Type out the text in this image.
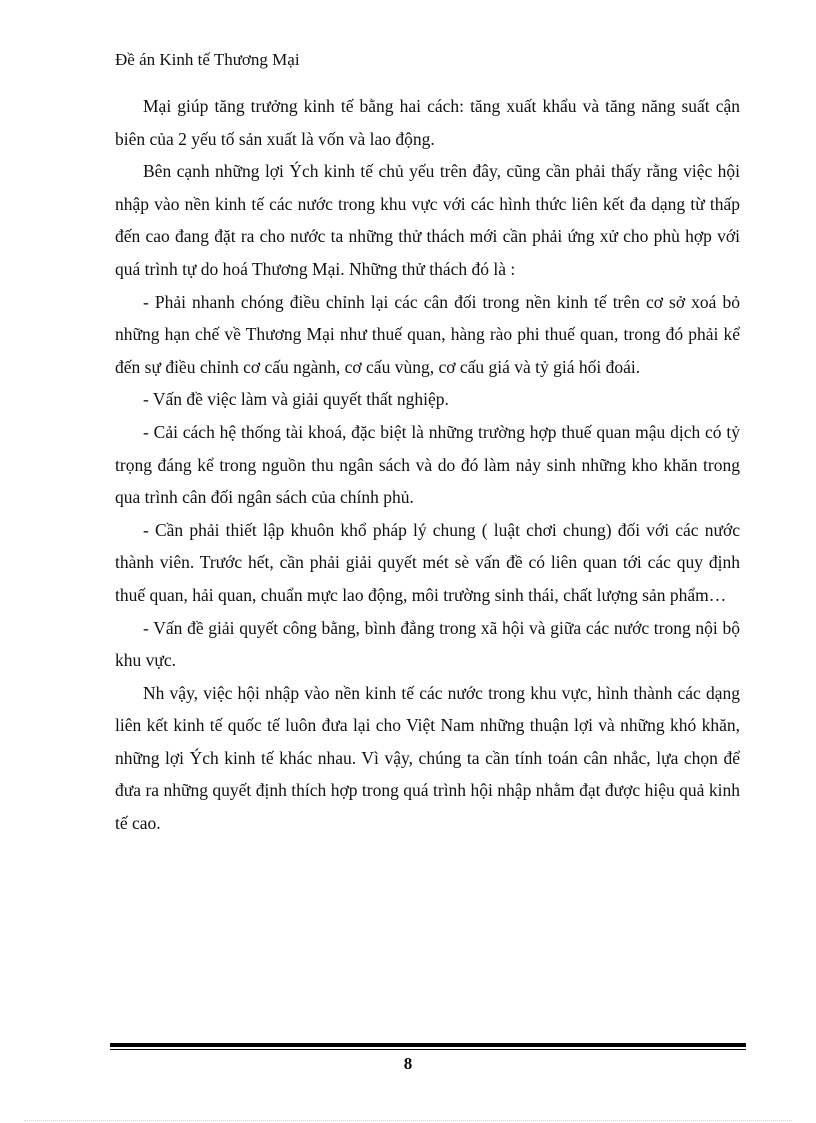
Đề án Kinh tế Thương Mại

Mại giúp tăng trưởng kinh tế bằng hai cách: tăng xuất khẩu và tăng năng suất cận biên của 2 yếu tố sản xuất là vốn và lao động.

Bên cạnh những lợi Ých kinh tế chủ yếu trên đây, cũng cần phải thấy rằng việc hội nhập vào nền kinh tế các nước trong khu vực với các hình thức liên kết đa dạng từ thấp đến cao đang đặt ra cho nước ta những thử thách mới cần phải ứng xử cho phù hợp với quá trình tự do hoá Thương Mại. Những thử thách đó là :

- Phải nhanh chóng điều chỉnh lại các cân đối trong nền kinh tế trên cơ sở xoá bỏ những hạn chế về Thương Mại như thuế quan, hàng rào phi thuế quan, trong đó phải kể đến sự điều chỉnh cơ cấu ngành, cơ cấu vùng, cơ cấu giá và tỷ giá hối đoái.

- Vấn đề việc làm và giải quyết thất nghiệp.

- Cải cách hệ thống tài khoá, đặc biệt là những trường hợp thuế quan mậu dịch có tỷ trọng đáng kể trong nguồn thu ngân sách và do đó làm nảy sinh những kho khăn trong qua trình cân đối ngân sách của chính phủ.

- Cần phải thiết lập khuôn khổ pháp lý chung ( luật chơi chung) đối với các nước thành viên. Trước hết, cần phải giải quyết mét sè vấn đề có liên quan tới các quy định thuế quan, hải quan, chuẩn mực lao động, môi trường sinh thái, chất lượng sản phẩm…

- Vấn đề giải quyết công bằng, bình đẳng trong xã hội và giữa các nước trong nội bộ khu vực.

Nh vậy, việc hội nhập vào nền kinh tế các nước trong khu vực, hình thành các dạng liên kết kinh tế quốc tế luôn đưa lại cho Việt Nam những thuận lợi và những khó khăn, những lợi Ých kinh tế khác nhau. Vì vậy, chúng ta cần tính toán cân nhắc, lựa chọn để đưa ra những quyết định thích hợp trong quá trình hội nhập nhằm đạt được hiệu quả kinh tế cao.

8
